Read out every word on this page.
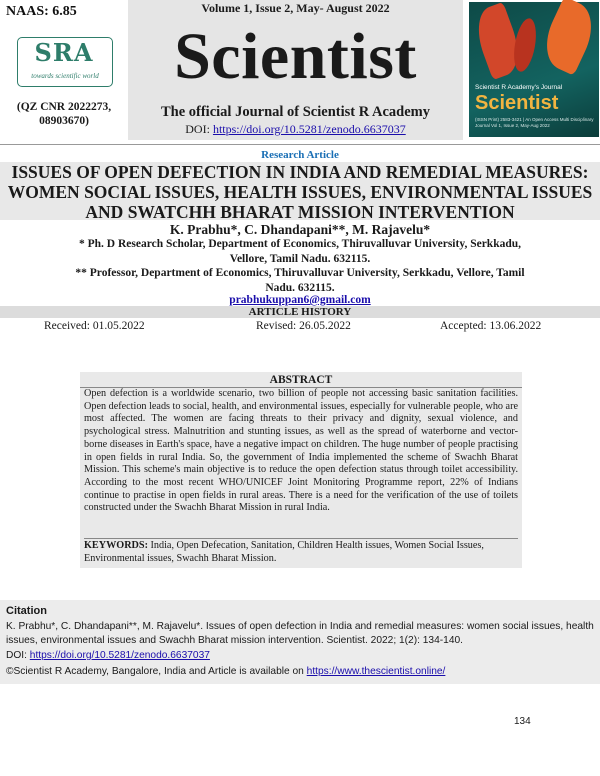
NAAS: 6.85
SRA
towards scientific world
(QZ CNR 2022273, 08903670)
Volume 1, Issue 2, May- August 2022
Scientist
The official Journal of Scientist R Academy
DOI: https://doi.org/10.5281/zenodo.6637037
Scientist R Academy's Journal
Scientist
(ISSN Print) 2583-3421 | An Open Access Multi Disciplinary Journal Vol 1, Issue 2, May-Aug 2022
Research Article
ISSUES OF OPEN DEFECTION IN INDIA AND REMEDIAL MEASURES: WOMEN SOCIAL ISSUES, HEALTH ISSUES, ENVIRONMENTAL ISSUES AND SWATCHH BHARAT MISSION INTERVENTION
K. Prabhu*, C. Dhandapani**, M. Rajavelu*
* Ph. D Research Scholar, Department of Economics, Thiruvalluvar University, Serkkadu, Vellore, Tamil Nadu. 632115.
** Professor, Department of Economics, Thiruvalluvar University, Serkkadu, Vellore, Tamil Nadu. 632115.
prabhukuppan6@gmail.com
ARTICLE HISTORY
Received: 01.05.2022	Revised: 26.05.2022	Accepted: 13.06.2022
ABSTRACT
Open defection is a worldwide scenario, two billion of people not accessing basic sanitation facilities. Open defection leads to social, health, and environmental issues, especially for vulnerable people, who are most affected. The women are facing threats to their privacy and dignity, sexual violence, and psychological stress. Malnutrition and stunting issues, as well as the spread of waterborne and vector-borne diseases in Earth's space, have a negative impact on children. The huge number of people practising in open fields in rural India. So, the government of India implemented the scheme of Swachh Bharat Mission. This scheme's main objective is to reduce the open defection status through toilet accessibility. According to the most recent WHO/UNICEF Joint Monitoring Programme report, 22% of Indians continue to practise in open fields in rural areas. There is a need for the verification of the use of toilets constructed under the Swachh Bharat Mission in rural India.
KEYWORDS: India, Open Defecation, Sanitation, Children Health issues, Women Social Issues, Environmental issues, Swachh Bharat Mission.
Citation
K. Prabhu*, C. Dhandapani**, M. Rajavelu*. Issues of open defection in India and remedial measures: women social issues, health issues, environmental issues and Swachh Bharat mission intervention. Scientist. 2022; 1(2): 134-140.
DOI: https://doi.org/10.5281/zenodo.6637037
©Scientist R Academy, Bangalore, India and Article is available on https://www.thescientist.online/
134
